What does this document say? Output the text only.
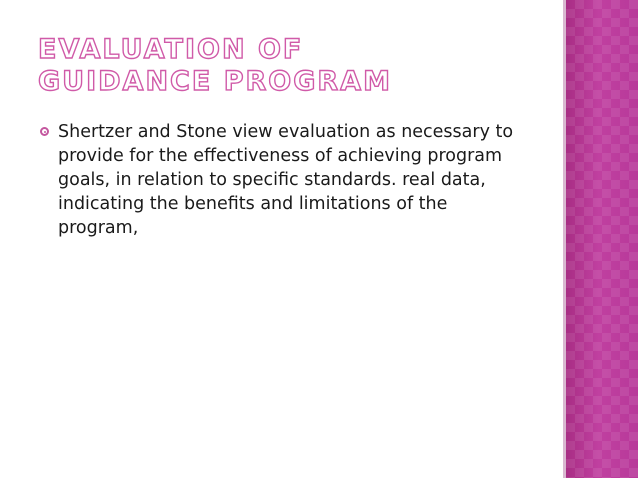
EVALUATION OF GUIDANCE PROGRAM
Shertzer and Stone view evaluation as necessary to provide for the effectiveness of achieving program goals, in relation to specific standards. real data, indicating the benefits and limitations of the program,
